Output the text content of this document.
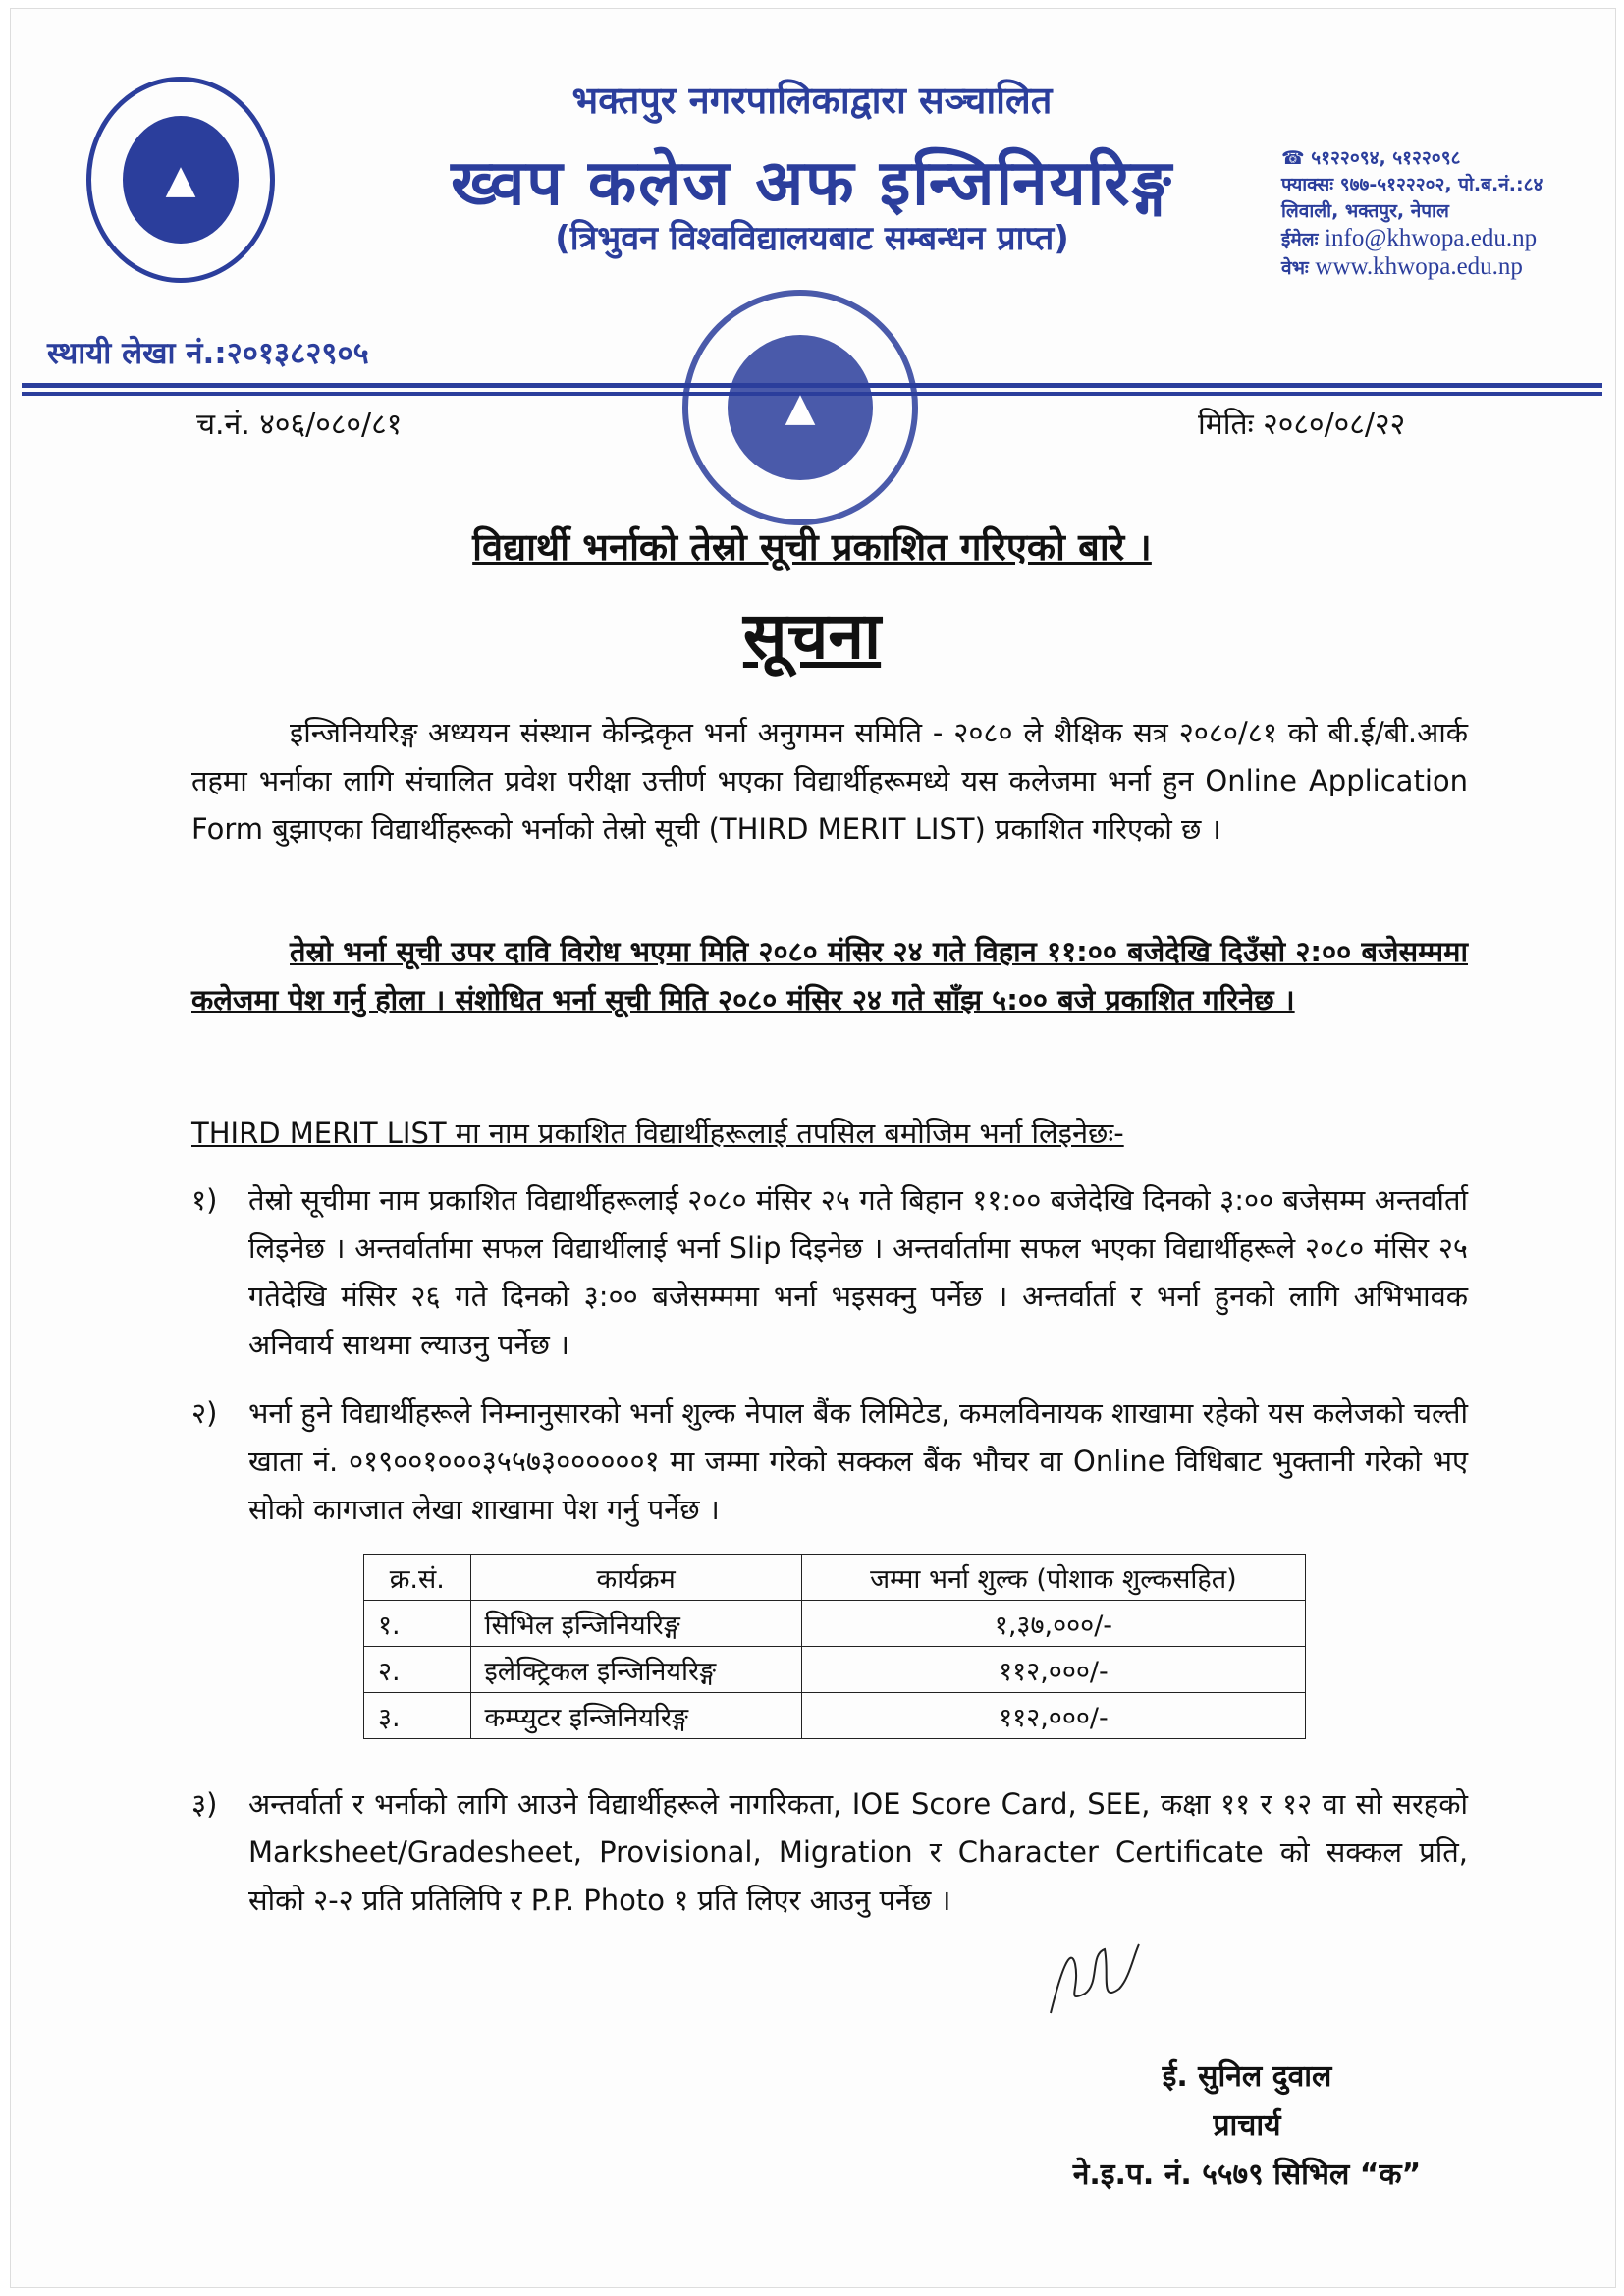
▲
भक्तपुर नगरपालिकाद्वारा सञ्चालित
ख्वप कलेज अफ इन्जिनियरिङ्ग
(त्रिभुवन विश्वविद्यालयबाट सम्बन्धन प्राप्त)
☎ ५१२२०९४, ५१२२०९८
फ्याक्सः ९७७-५१२२२०२, पो.ब.नं.:८४
लिवाली, भक्तपुर, नेपाल
ईमेलः info@khwopa.edu.np
वेभः www.khwopa.edu.np
स्थायी लेखा नं.:२०१३८२९०५
▲
च.नं. ४०६/०८०/८१	मितिः २०८०/०८/२२
विद्यार्थी भर्नाको तेस्रो सूची प्रकाशित गरिएको बारे ।
सूचना
इन्जिनियरिङ्ग अध्ययन संस्थान केन्द्रिकृत भर्ना अनुगमन समिति - २०८० ले शैक्षिक सत्र २०८०/८१ को बी.ई/बी.आर्क तहमा भर्नाका लागि संचालित प्रवेश परीक्षा उत्तीर्ण भएका विद्यार्थीहरूमध्ये यस कलेजमा भर्ना हुन Online Application Form बुझाएका विद्यार्थीहरूको भर्नाको तेस्रो सूची (THIRD MERIT LIST) प्रकाशित गरिएको छ ।
तेस्रो भर्ना सूची उपर दावि विरोध भएमा मिति २०८० मंसिर २४ गते विहान ११:०० बजेदेखि दिउँसो २:०० बजेसम्ममा कलेजमा पेश गर्नु होला । संशोधित भर्ना सूची मिति २०८० मंसिर २४ गते साँझ ५:०० बजे प्रकाशित गरिनेछ ।
THIRD MERIT LIST मा नाम प्रकाशित विद्यार्थीहरूलाई तपसिल बमोजिम भर्ना लिइनेछः-
१)	तेस्रो सूचीमा नाम प्रकाशित विद्यार्थीहरूलाई २०८० मंसिर २५ गते बिहान ११:०० बजेदेखि दिनको ३:०० बजेसम्म अन्तर्वार्ता लिइनेछ । अन्तर्वार्तामा सफल विद्यार्थीलाई भर्ना Slip दिइनेछ । अन्तर्वार्तामा सफल भएका विद्यार्थीहरूले २०८० मंसिर २५ गतेदेखि मंसिर २६ गते दिनको ३:०० बजेसम्ममा भर्ना भइसक्नु पर्नेछ । अन्तर्वार्ता र भर्ना हुनको लागि अभिभावक अनिवार्य साथमा ल्याउनु पर्नेछ ।
२)	भर्ना हुने विद्यार्थीहरूले निम्नानुसारको भर्ना शुल्क नेपाल बैंक लिमिटेड, कमलविनायक शाखामा रहेको यस कलेजको चल्ती खाता नं. ०१९००१०००३५५७३००००००१ मा जम्मा गरेको सक्कल बैंक भौचर वा Online विधिबाट भुक्तानी गरेको भए सोको कागजात लेखा शाखामा पेश गर्नु पर्नेछ ।
क्र.सं.	कार्यक्रम	जम्मा भर्ना शुल्क (पोशाक शुल्कसहित)
१.	सिभिल इन्जिनियरिङ्ग	१,३७,०००/-
२.	इलेक्ट्रिकल इन्जिनियरिङ्ग	११२,०००/-
३.	कम्प्युटर इन्जिनियरिङ्ग	११२,०००/-
३)	अन्तर्वार्ता र भर्नाको लागि आउने विद्यार्थीहरूले नागरिकता, IOE Score Card, SEE, कक्षा ११ र १२ वा सो सरहको Marksheet/Gradesheet, Provisional, Migration र Character Certificate को सक्कल प्रति, सोको २-२ प्रति प्रतिलिपि र P.P. Photo १ प्रति लिएर आउनु पर्नेछ ।
ई. सुनिल दुवाल
प्राचार्य
ने.इ.प. नं. ५५७९ सिभिल “क”
